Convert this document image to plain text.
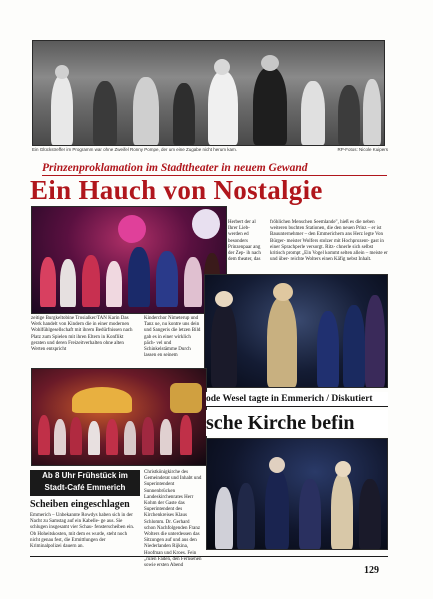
Ein Glückstreffer im Programm war ohne Zweifel Ronny Pompe, der um eine Zugabe nicht herum kam.	RP-Fotos: Nicole Kuipers
Prinzenproklamation im Stadttheater in neuem Gewand
Ein Hauch von Nostalgie
Herbert der al Ihrer Lieb- werden ed besonders Prinzenpaar ang der Zep- ih nach dem theater, das
fröhlichen Menschen Seemlande", hieß es die neben weiteren buchten Stationen, die den neuen Prinz – er ist Bauunternehmer – den Emmerichern ans Herz legte Von Bürger- meister Wolfers stolzer mit Hochprozent- gast in einer Sprachperle versorgt. Ritz- chnerle sich selbst kritisch prompt „Ein Vogel kommt selten allein – meiste er und über- reichte Wolters einen Käfig nebst Inhalt.
zeitige Burgkeltobine Trosialker/TAN Karin Das Werk handelt von Kindern die in einer modernen Wohlfühlgesellschaft mit ihrem Bedürfnissen nach Platz zum Spielen mit ihren Eltern in Konflikt geraten und deren Freizeitverhalten ohne alten Werten entspricht
Kinderchor Nimeterup und Tanz ue, nu kontre uns dein und Sangeris die letzen Bild gab es in einer wirklich päch- vel und Schinkelstämme Durch lassen en seinem
ode Wesel tagte in Emmerich / Diskutiert
sche Kirche befin
Ab 8 Uhr Frühstück im
Stadt-Café Emmerich
Scheiben eingeschlagen
Emmerich – Unbekannte Rowdys haben sich in der Nacht zu Samstag auf ein Kabelle- ge aus. Sie schlugen insgesamt vier Schau- fensterscheiben ein. Ob Hoheitskosten, mit dem es wurde, steht noch nicht genau fest, die Ermittlungen der Kriminalpolizei dauern an.
Christkönigkirche des Gemeinderat und Inhabt und Superintendent Sunnenbrücken Landeskirchenrates Herr Kohm der Gaste das Superintendent des Kirchenkreises Klaus Schlomm. Dr. Gerhard schon Nachfolgenden Franz Wolters die unterdessen das Sitzungen auf und aus den Niederlanden Rijkina, Hoofman und Kroes. Fein „rulen Faden, den Fernsehen sowie ersten Abend	129
